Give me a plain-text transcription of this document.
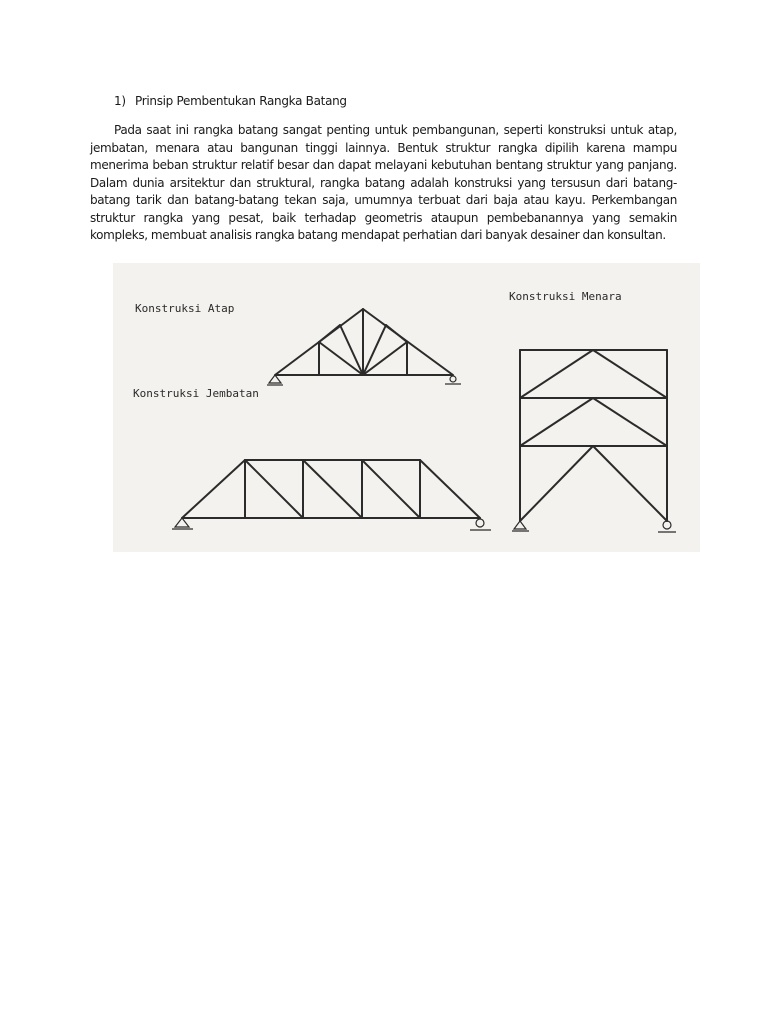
1) Prinsip Pembentukan Rangka Batang

Pada saat ini rangka batang sangat penting untuk pembangunan, seperti konstruksi untuk atap, jembatan, menara atau bangunan tinggi lainnya. Bentuk struktur rangka dipilih karena mampu menerima beban struktur relatif besar dan dapat melayani kebutuhan bentang struktur yang panjang. Dalam dunia arsitektur dan struktural, rangka batang adalah konstruksi yang tersusun dari batang-batang tarik dan batang-batang tekan saja, umumnya terbuat dari baja atau kayu. Perkembangan struktur rangka yang pesat, baik terhadap geometris ataupun pembebanannya yang semakin kompleks, membuat analisis rangka batang mendapat perhatian dari banyak desainer dan konsultan.

Konstruksi Atap
Konstruksi Jembatan
Konstruksi Menara
